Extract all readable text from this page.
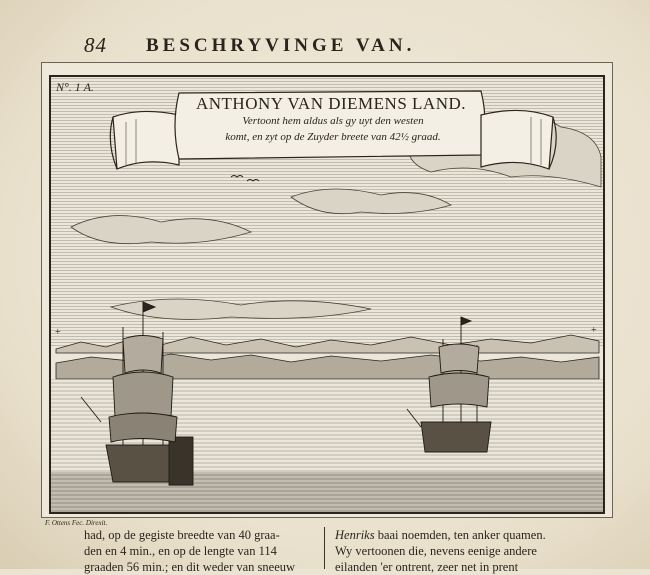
84 BESCHRYVINGE VAN.
+
+
N°. 1 A.
ANTHONY VAN DIEMENS LAND.
Vertoont hem aldus als gy uyt den westen
komt, en zyt op de Zuyder breete van 42½ graad.
F. Ottens Fec. Direxit.
had, op de gegiste breedte van 40 graa-
den en 4 min., en op de lengte van 114
graaden 56 min.; en dit weder van sneeuw
Henriks baai noemden, ten anker quamen.
Wy vertoonen die, nevens eenige andere
eilanden 'er ontrent, zeer net in prent
